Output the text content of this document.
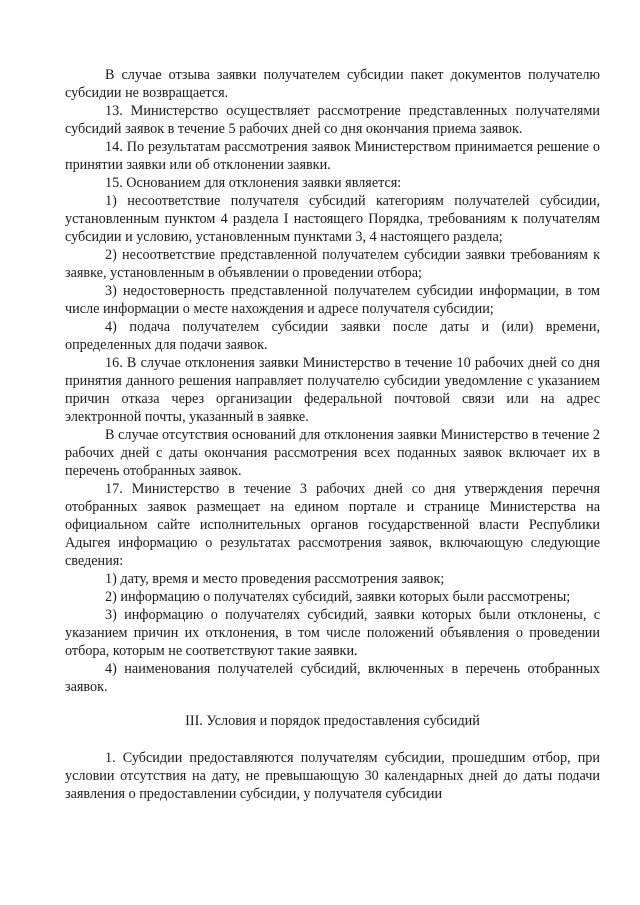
В случае отзыва заявки получателем субсидии пакет документов получателю субсидии не возвращается.

13. Министерство осуществляет рассмотрение представленных получателями субсидий заявок в течение 5 рабочих дней со дня окончания приема заявок.

14. По результатам рассмотрения заявок Министерством принимается решение о принятии заявки или об отклонении заявки.

15. Основанием для отклонения заявки является:

1) несоответствие получателя субсидий категориям получателей субсидии, установленным пунктом 4 раздела I настоящего Порядка, требованиям к получателям субсидии и условию, установленным пунктами 3, 4 настоящего раздела;

2) несоответствие представленной получателем субсидии заявки требованиям к заявке, установленным в объявлении о проведении отбора;

3) недостоверность представленной получателем субсидии информации, в том числе информации о месте нахождения и адресе получателя субсидии;

4) подача получателем субсидии заявки после даты и (или) времени, определенных для подачи заявок.

16. В случае отклонения заявки Министерство в течение 10 рабочих дней со дня принятия данного решения направляет получателю субсидии уведомление с указанием причин отказа через организации федеральной почтовой связи или на адрес электронной почты, указанный в заявке.

В случае отсутствия оснований для отклонения заявки Министерство в течение 2 рабочих дней с даты окончания рассмотрения всех поданных заявок включает их в перечень отобранных заявок.

17. Министерство в течение 3 рабочих дней со дня утверждения перечня отобранных заявок размещает на едином портале и странице Министерства на официальном сайте исполнительных органов государственной власти Республики Адыгея информацию о результатах рассмотрения заявок, включающую следующие сведения:

1) дату, время и место проведения рассмотрения заявок;

2) информацию о получателях субсидий, заявки которых были рассмотрены;

3) информацию о получателях субсидий, заявки которых были отклонены, с указанием причин их отклонения, в том числе положений объявления о проведении отбора, которым не соответствуют такие заявки.

4) наименования получателей субсидий, включенных в перечень отобранных заявок.

III. Условия и порядок предоставления субсидий

1. Субсидии предоставляются получателям субсидии, прошедшим отбор, при условии отсутствия на дату, не превышающую 30 календарных дней до даты подачи заявления о предоставлении субсидии, у получателя субсидии
